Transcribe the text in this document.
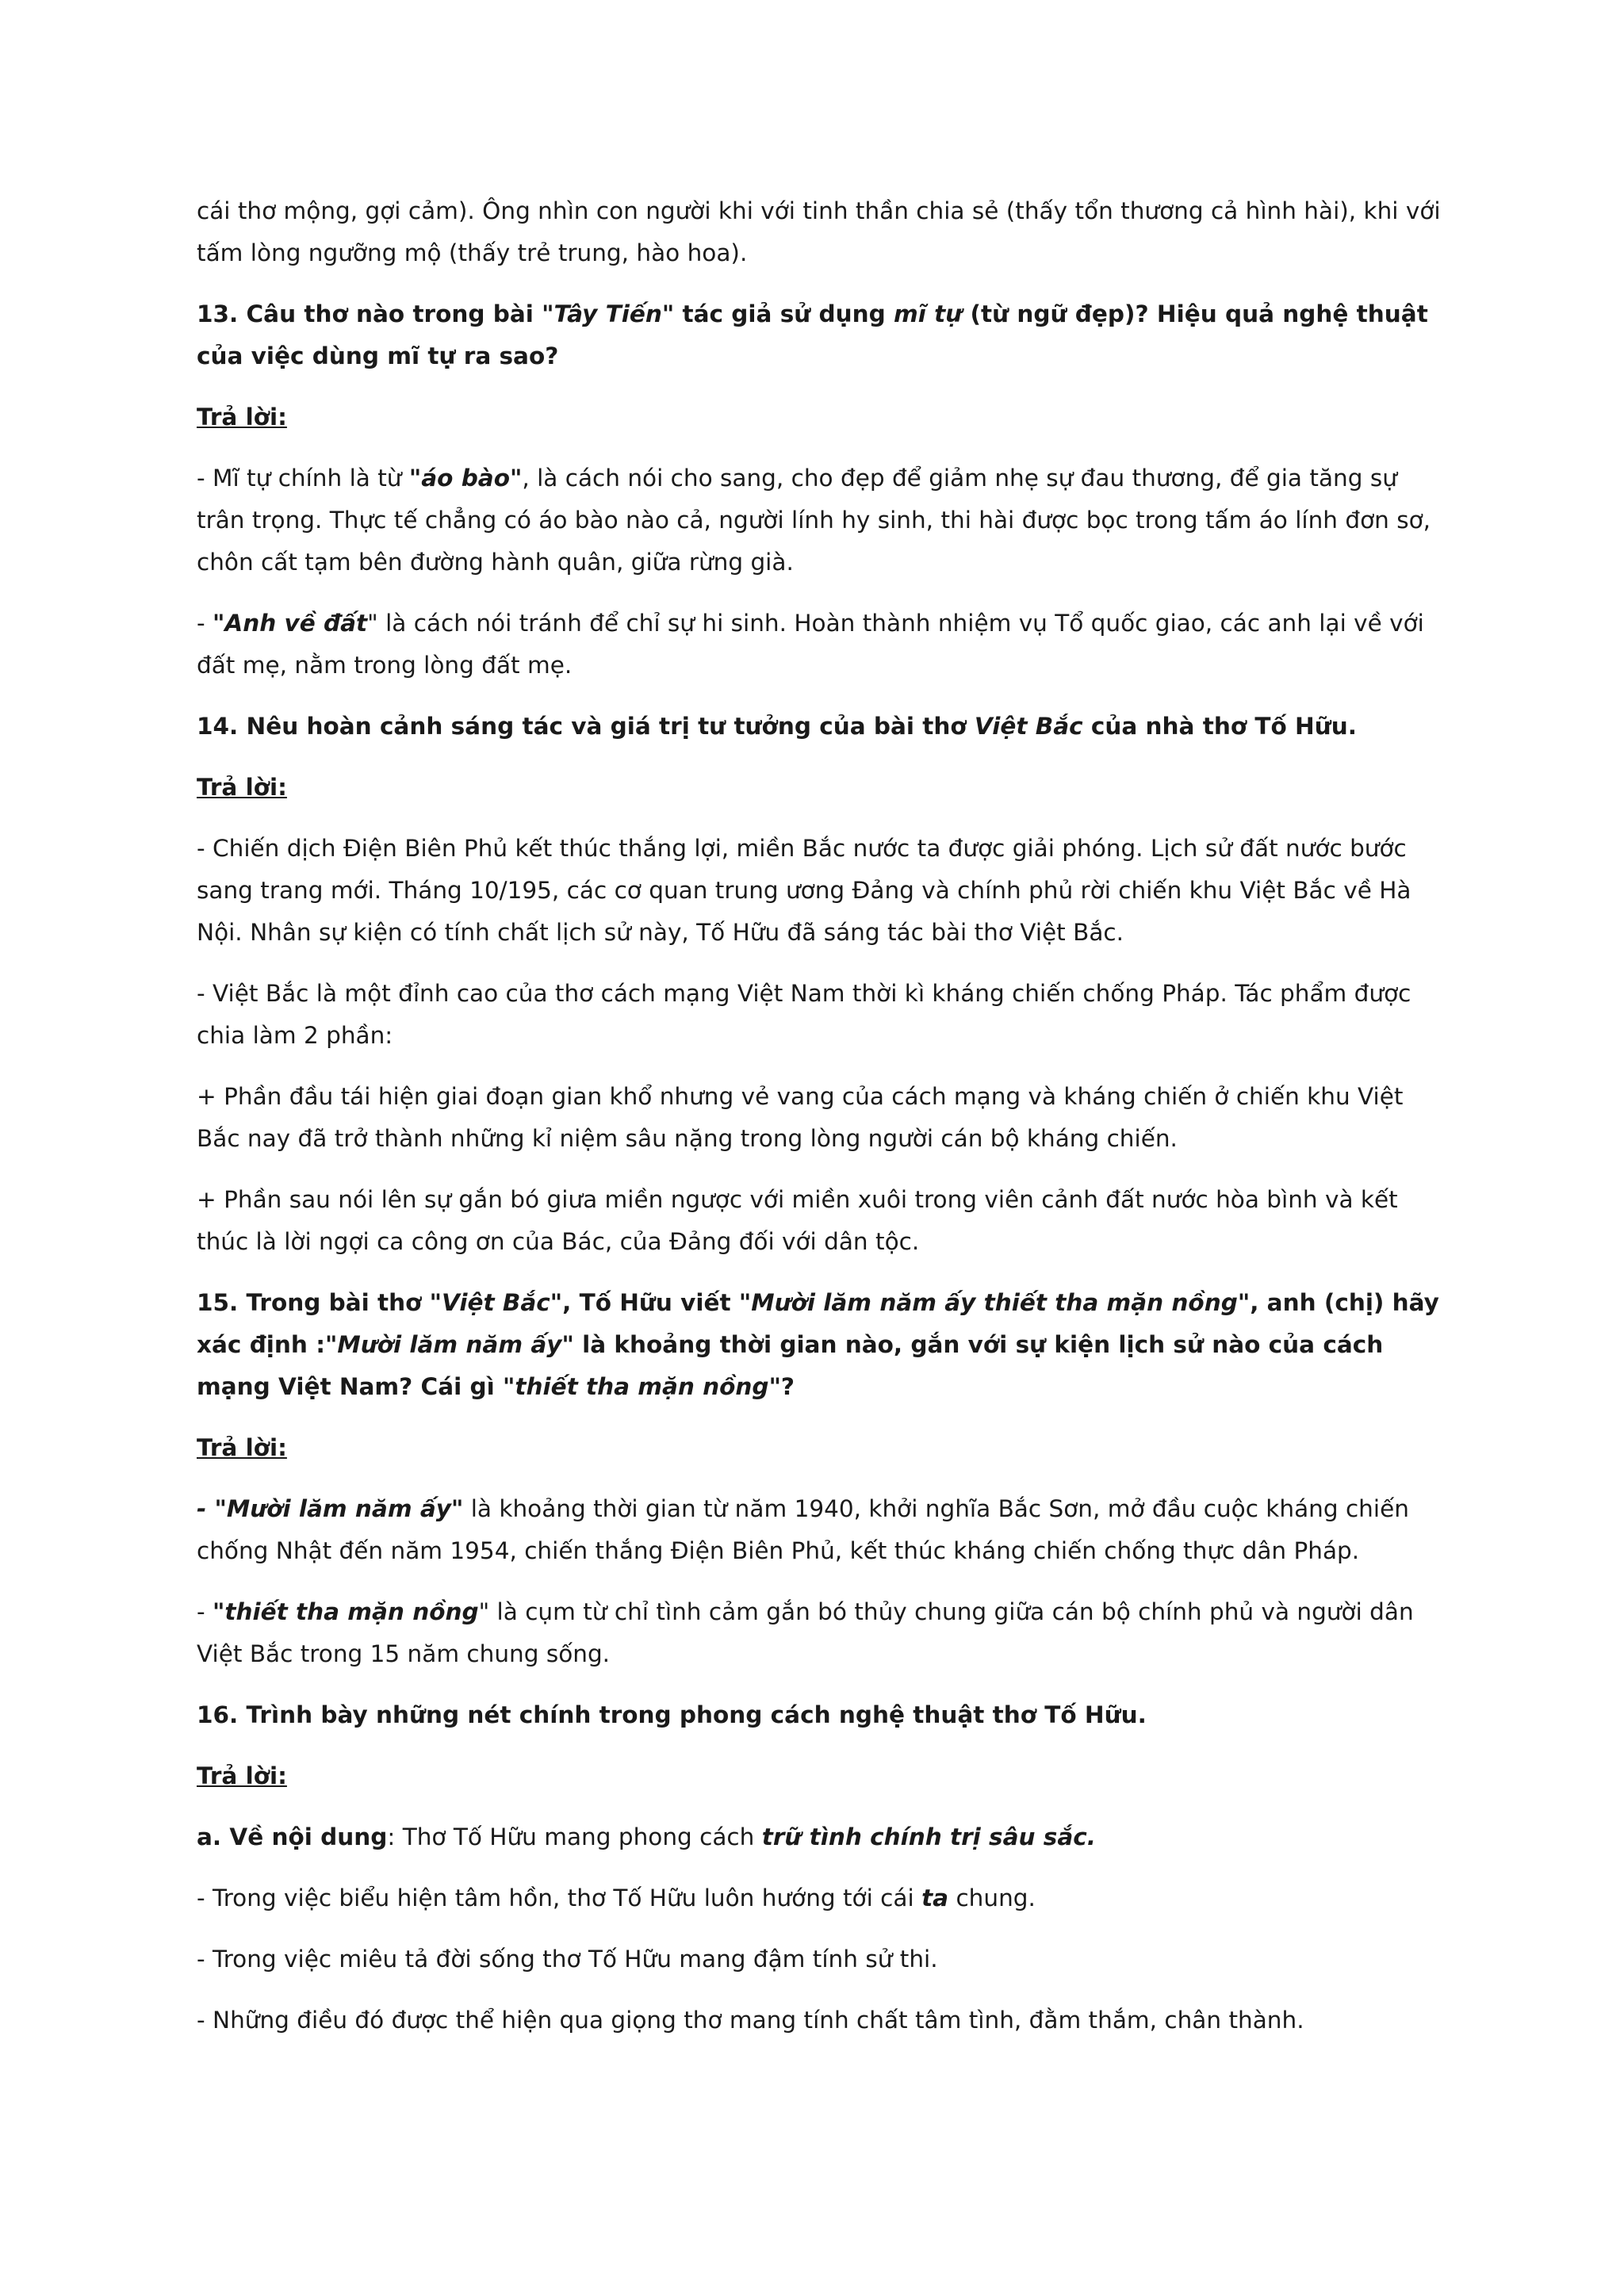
cái thơ mộng, gợi cảm). Ông nhìn con người khi với tinh thần chia sẻ (thấy tổn thương cả hình hài), khi với tấm lòng ngưỡng mộ (thấy trẻ trung, hào hoa).

13. Câu thơ nào trong bài "Tây Tiến" tác giả sử dụng mĩ tự (từ ngữ đẹp)? Hiệu quả nghệ thuật của việc dùng mĩ tự ra sao?

Trả lời:

- Mĩ tự chính là từ "áo bào", là cách nói cho sang, cho đẹp để giảm nhẹ sự đau thương, để gia tăng sự trân trọng. Thực tế chẳng có áo bào nào cả, người lính hy sinh, thi hài được bọc trong tấm áo lính đơn sơ, chôn cất tạm bên đường hành quân, giữa rừng già.

- "Anh về đất" là cách nói tránh để chỉ sự hi sinh. Hoàn thành nhiệm vụ Tổ quốc giao, các anh lại về với đất mẹ, nằm trong lòng đất mẹ.

14. Nêu hoàn cảnh sáng tác và giá trị tư tưởng của bài thơ Việt Bắc của nhà thơ Tố Hữu.

Trả lời:

- Chiến dịch Điện Biên Phủ kết thúc thắng lợi, miền Bắc nước ta được giải phóng. Lịch sử đất nước bước sang trang mới. Tháng 10/195, các cơ quan trung ương Đảng và chính phủ rời chiến khu Việt Bắc về Hà Nội. Nhân sự kiện có tính chất lịch sử này, Tố Hữu đã sáng tác bài thơ Việt Bắc.

- Việt Bắc là một đỉnh cao của thơ cách mạng Việt Nam thời kì kháng chiến chống Pháp. Tác phẩm được chia làm 2 phần:

+ Phần đầu tái hiện giai đoạn gian khổ nhưng vẻ vang của cách mạng và kháng chiến ở chiến khu Việt Bắc nay đã trở thành những kỉ niệm sâu nặng trong lòng người cán bộ kháng chiến.

+ Phần sau nói lên sự gắn bó giưa miền ngược với miền xuôi trong viên cảnh đất nước hòa bình và kết thúc là lời ngợi ca công ơn của Bác, của Đảng đối với dân tộc.

15. Trong bài thơ "Việt Bắc", Tố Hữu viết "Mười lăm năm ấy thiết tha mặn nồng", anh (chị) hãy xác định :"Mười lăm năm ấy" là khoảng thời gian nào, gắn với sự kiện lịch sử nào của cách mạng Việt Nam? Cái gì "thiết tha mặn nồng"?

Trả lời:

- "Mười lăm năm ấy" là khoảng thời gian từ năm 1940, khởi nghĩa Bắc Sơn, mở đầu cuộc kháng chiến chống Nhật đến năm 1954, chiến thắng Điện Biên Phủ, kết thúc kháng chiến chống thực dân Pháp.

- "thiết tha mặn nồng" là cụm từ chỉ tình cảm gắn bó thủy chung giữa cán bộ chính phủ và người dân Việt Bắc trong 15 năm chung sống.

16. Trình bày những nét chính trong phong cách nghệ thuật thơ Tố Hữu.

Trả lời:

a. Về nội dung: Thơ Tố Hữu mang phong cách trữ tình chính trị sâu sắc.

- Trong việc biểu hiện tâm hồn, thơ Tố Hữu luôn hướng tới cái ta chung.

- Trong việc miêu tả đời sống thơ Tố Hữu mang đậm tính sử thi.

- Những điều đó được thể hiện qua giọng thơ mang tính chất tâm tình, đằm thắm, chân thành.
